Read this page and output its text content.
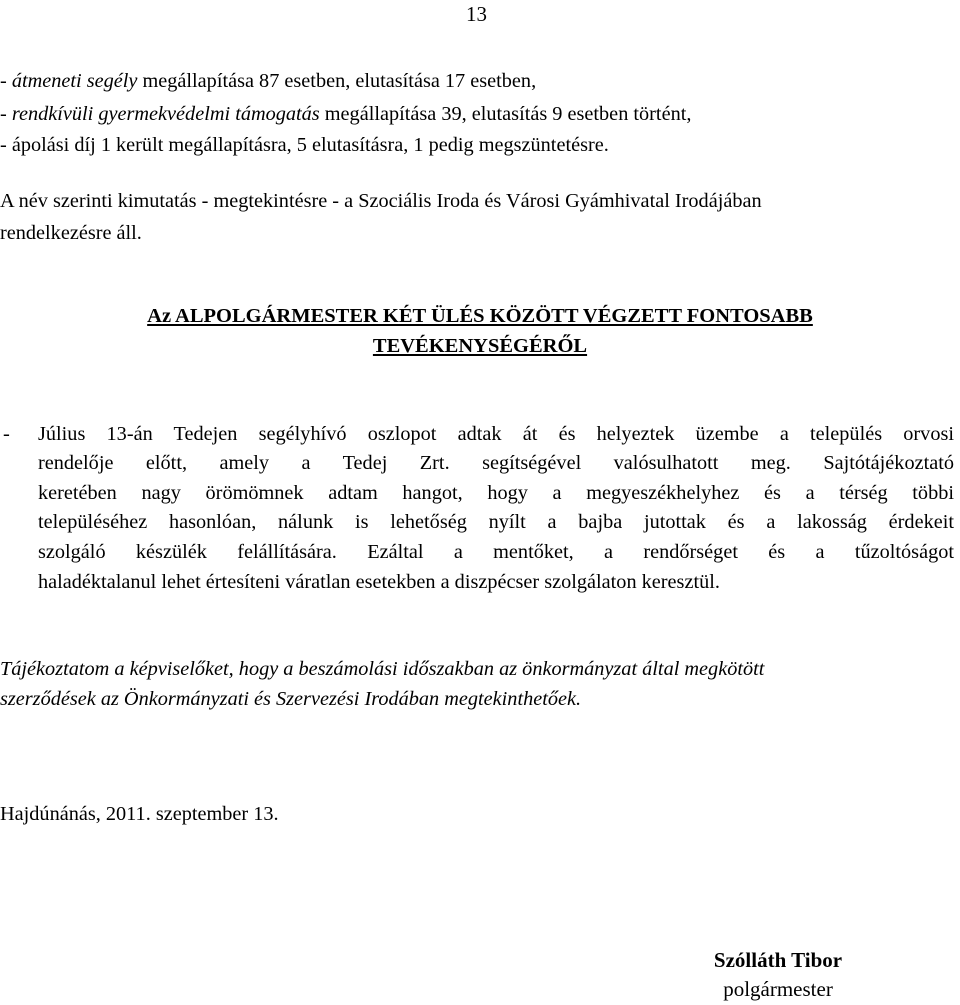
13
- átmeneti segély megállapítása 87 esetben, elutasítása 17 esetben,
- rendkívüli gyermekvédelmi támogatás megállapítása 39, elutasítás 9 esetben történt,
- ápolási díj 1 került megállapításra, 5 elutasításra, 1 pedig megszüntetésre.
A név szerinti kimutatás - megtekintésre - a Szociális Iroda és Városi Gyámhivatal Irodájában
rendelkezésre áll.
Az ALPOLGÁRMESTER KÉT ÜLÉS KÖZÖTT VÉGZETT FONTOSABB
TEVÉKENYSÉGÉRŐL
- Július 13-án Tedejen segélyhívó oszlopot adtak át és helyeztek üzembe a település orvosi
rendelője előtt, amely a Tedej Zrt. segítségével valósulhatott meg. Sajtótájékoztató
keretében nagy örömömnek adtam hangot, hogy a megyeszékhelyhez és a térség többi
településéhez hasonlóan, nálunk is lehetőség nyílt a bajba jutottak és a lakosság érdekeit
szolgáló készülék felállítására. Ezáltal a mentőket, a rendőrséget és a tűzoltóságot
haladéktalanul lehet értesíteni váratlan esetekben a diszpécser szolgálaton keresztül.
Tájékoztatom a képviselőket, hogy a beszámolási időszakban az önkormányzat által megkötött
szerződések az Önkormányzati és Szervezési Irodában megtekinthetőek.
Hajdúnánás, 2011. szeptember 13.
Szólláth Tibor
polgármester
